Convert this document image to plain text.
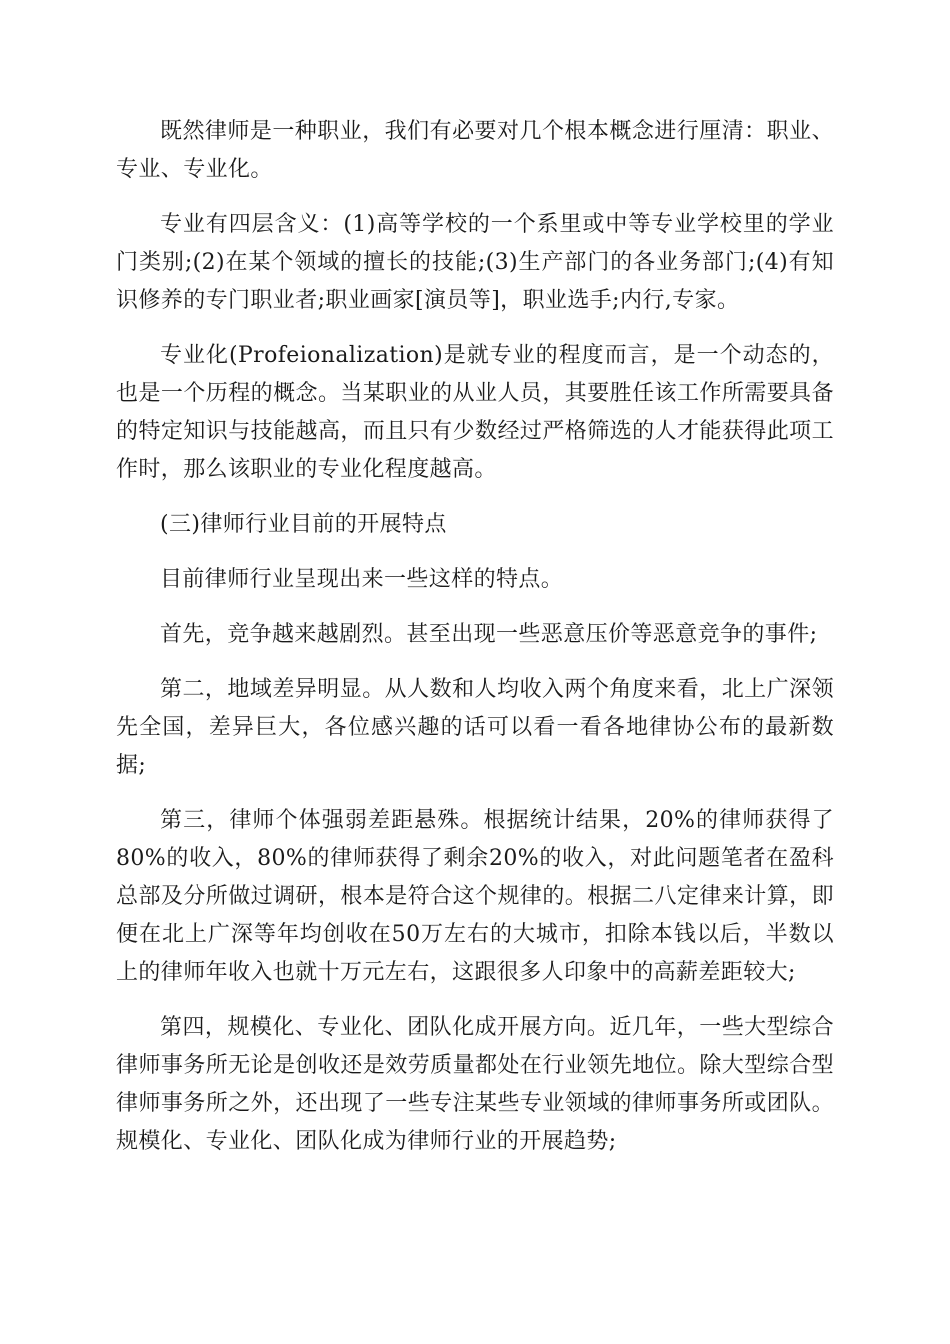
既然律师是一种职业，我们有必要对几个根本概念进行厘清：职业、专业、专业化。

专业有四层含义：(1)高等学校的一个系里或中等专业学校里的学业门类别;(2)在某个领域的擅长的技能;(3)生产部门的各业务部门;(4)有知识修养的专门职业者;职业画家[演员等]，职业选手;内行,专家。

专业化(Profeionalization)是就专业的程度而言，是一个动态的，也是一个历程的概念。当某职业的从业人员，其要胜任该工作所需要具备的特定知识与技能越高，而且只有少数经过严格筛选的人才能获得此项工作时，那么该职业的专业化程度越高。

(三)律师行业目前的开展特点

目前律师行业呈现出来一些这样的特点。

首先，竞争越来越剧烈。甚至出现一些恶意压价等恶意竞争的事件;

第二，地域差异明显。从人数和人均收入两个角度来看，北上广深领先全国，差异巨大，各位感兴趣的话可以看一看各地律协公布的最新数据;

第三，律师个体强弱差距悬殊。根据统计结果，20%的律师获得了80%的收入，80%的律师获得了剩余20%的收入，对此问题笔者在盈科总部及分所做过调研，根本是符合这个规律的。根据二八定律来计算，即便在北上广深等年均创收在50万左右的大城市，扣除本钱以后，半数以上的律师年收入也就十万元左右，这跟很多人印象中的高薪差距较大;

第四，规模化、专业化、团队化成开展方向。近几年，一些大型综合律师事务所无论是创收还是效劳质量都处在行业领先地位。除大型综合型律师事务所之外，还出现了一些专注某些专业领域的律师事务所或团队。规模化、专业化、团队化成为律师行业的开展趋势;
